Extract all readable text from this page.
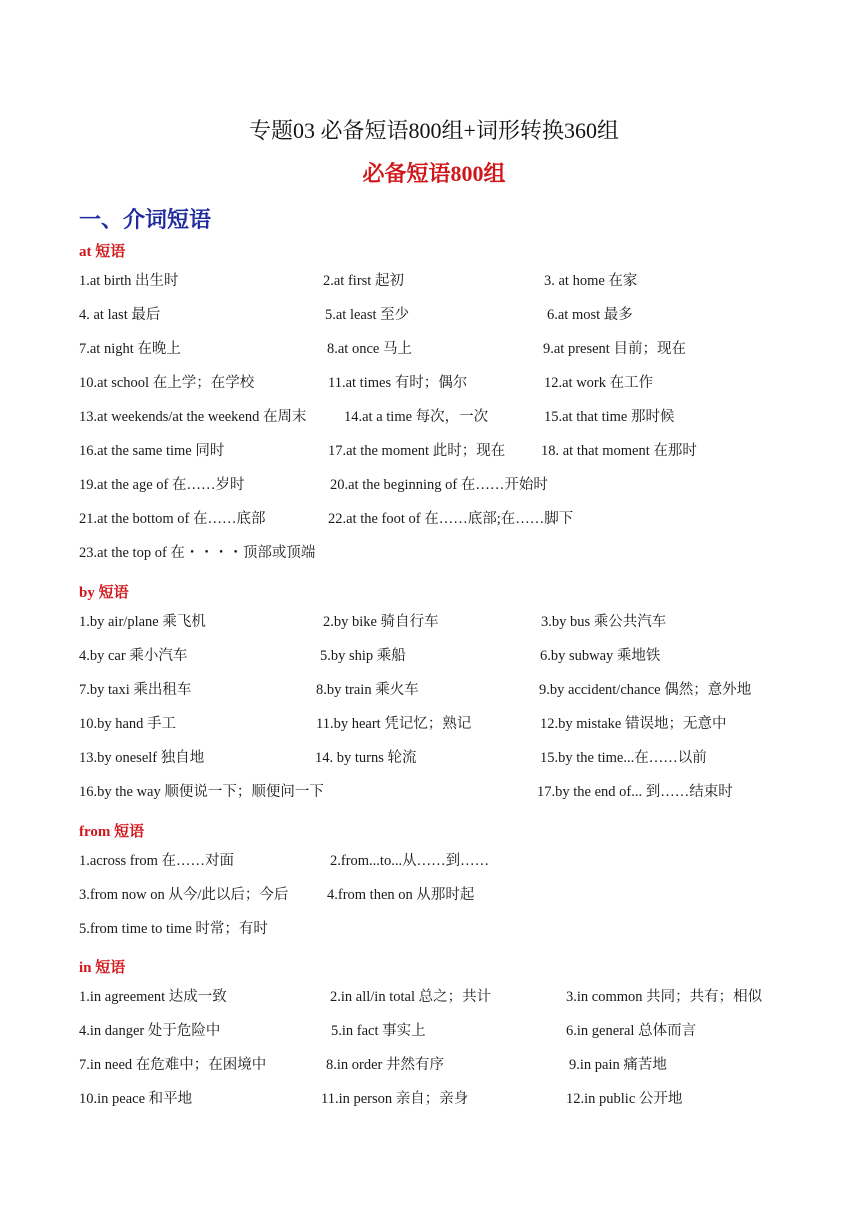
专题03 必备短语800组+词形转换360组
必备短语800组
一、介词短语
at 短语
1.at birth 出生时	2.at first 起初	3. at home 在家
4. at last 最后	5.at least 至少	6.at most 最多
7.at night 在晚上	8.at once 马上	9.at present 目前；现在
10.at school 在上学；在学校	11.at times 有时；偶尔	12.at work 在工作
13.at weekends/at the weekend 在周末	14.at a time 每次，一次	15.at that time 那时候
16.at the same time 同时	17.at the moment 此时；现在 18. at that moment 在那时
19.at the age of 在……岁时	20.at the beginning of 在……开始时
21.at the bottom of 在……底部	22.at the foot of 在……底部;在……脚下
23.at the top of 在・・・・顶部或顶端
by 短语
1.by air/plane 乘飞机	2.by bike 骑自行车	3.by bus 乘公共汽车
4.by car 乘小汽车	5.by ship 乘船	6.by subway 乘地铁
7.by taxi 乘出租车	8.by train 乘火车	9.by accident/chance 偶然；意外地
10.by hand 手工	11.by heart 凭记忆；熟记	12.by mistake 错误地；无意中
13.by oneself 独自地	14. by turns 轮流	15.by the time...在……以前
16.by the way 顺便说一下；顺便问一下	17.by the end of... 到……结束时
from 短语
1.across from 在……对面	2.from...to...从……到……
3.from now on 从今/此以后；今后	4.from then on 从那时起
5.from time to time 时常；有时
in 短语
1.in agreement 达成一致	2.in all/in total 总之；共计	3.in common 共同；共有；相似
4.in danger 处于危险中	5.in fact 事实上	6.in general 总体而言
7.in need 在危难中；在困境中	8.in order 井然有序	9.in pain 痛苦地
10.in peace 和平地	11.in person 亲自；亲身	12.in public 公开地
